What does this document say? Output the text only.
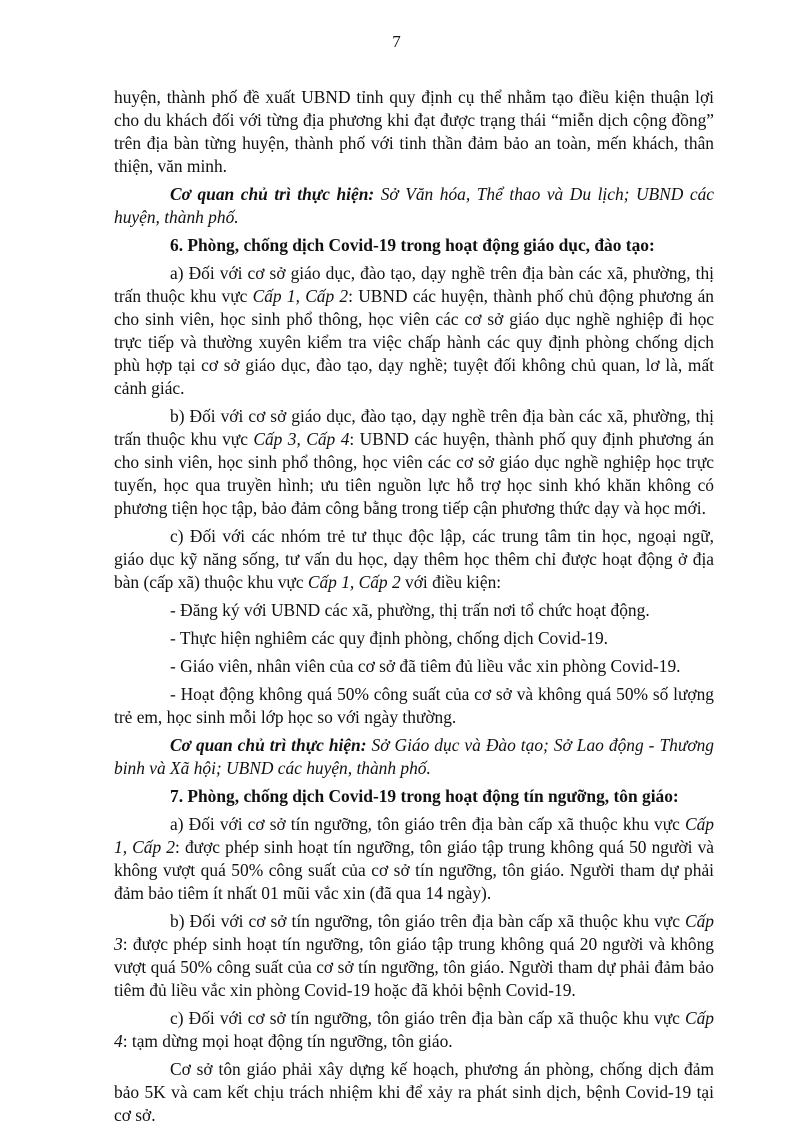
7

huyện, thành phố đề xuất UBND tỉnh quy định cụ thể nhằm tạo điều kiện thuận lợi cho du khách đối với từng địa phương khi đạt được trạng thái “miễn dịch cộng đồng” trên địa bàn từng huyện, thành phố với tinh thần đảm bảo an toàn, mến khách, thân thiện, văn minh.

Cơ quan chủ trì thực hiện: Sở Văn hóa, Thể thao và Du lịch; UBND các huyện, thành phố.

6. Phòng, chống dịch Covid-19 trong hoạt động giáo dục, đào tạo:

a) Đối với cơ sở giáo dục, đào tạo, dạy nghề trên địa bàn các xã, phường, thị trấn thuộc khu vực Cấp 1, Cấp 2: UBND các huyện, thành phố chủ động phương án cho sinh viên, học sinh phổ thông, học viên các cơ sở giáo dục nghề nghiệp đi học trực tiếp và thường xuyên kiểm tra việc chấp hành các quy định phòng chống dịch phù hợp tại cơ sở giáo dục, đào tạo, dạy nghề; tuyệt đối không chủ quan, lơ là, mất cảnh giác.

b) Đối với cơ sở giáo dục, đào tạo, dạy nghề trên địa bàn các xã, phường, thị trấn thuộc khu vực Cấp 3, Cấp 4: UBND các huyện, thành phố quy định phương án cho sinh viên, học sinh phổ thông, học viên các cơ sở giáo dục nghề nghiệp học trực tuyến, học qua truyền hình; ưu tiên nguồn lực hỗ trợ học sinh khó khăn không có phương tiện học tập, bảo đảm công bằng trong tiếp cận phương thức dạy và học mới.

c) Đối với các nhóm trẻ tư thục độc lập, các trung tâm tin học, ngoại ngữ, giáo dục kỹ năng sống, tư vấn du học, dạy thêm học thêm chỉ được hoạt động ở địa bàn (cấp xã) thuộc khu vực Cấp 1, Cấp 2 với điều kiện:

- Đăng ký với UBND các xã, phường, thị trấn nơi tổ chức hoạt động.

- Thực hiện nghiêm các quy định phòng, chống dịch Covid-19.

- Giáo viên, nhân viên của cơ sở đã tiêm đủ liều vắc xin phòng Covid-19.

- Hoạt động không quá 50% công suất của cơ sở và không quá 50% số lượng trẻ em, học sinh mỗi lớp học so với ngày thường.

Cơ quan chủ trì thực hiện: Sở Giáo dục và Đào tạo; Sở Lao động - Thương binh và Xã hội; UBND các huyện, thành phố.

7. Phòng, chống dịch Covid-19 trong hoạt động tín ngưỡng, tôn giáo:

a) Đối với cơ sở tín ngưỡng, tôn giáo trên địa bàn cấp xã thuộc khu vực Cấp 1, Cấp 2: được phép sinh hoạt tín ngưỡng, tôn giáo tập trung không quá 50 người và không vượt quá 50% công suất của cơ sở tín ngưỡng, tôn giáo. Người tham dự phải đảm bảo tiêm ít nhất 01 mũi vắc xin (đã qua 14 ngày).

b) Đối với cơ sở tín ngưỡng, tôn giáo trên địa bàn cấp xã thuộc khu vực Cấp 3: được phép sinh hoạt tín ngưỡng, tôn giáo tập trung không quá 20 người và không vượt quá 50% công suất của cơ sở tín ngưỡng, tôn giáo. Người tham dự phải đảm bảo tiêm đủ liều vắc xin phòng Covid-19 hoặc đã khỏi bệnh Covid-19.

c) Đối với cơ sở tín ngưỡng, tôn giáo trên địa bàn cấp xã thuộc khu vực Cấp 4: tạm dừng mọi hoạt động tín ngưỡng, tôn giáo.

Cơ sở tôn giáo phải xây dựng kế hoạch, phương án phòng, chống dịch đảm bảo 5K và cam kết chịu trách nhiệm khi để xảy ra phát sinh dịch, bệnh Covid-19 tại cơ sở.
